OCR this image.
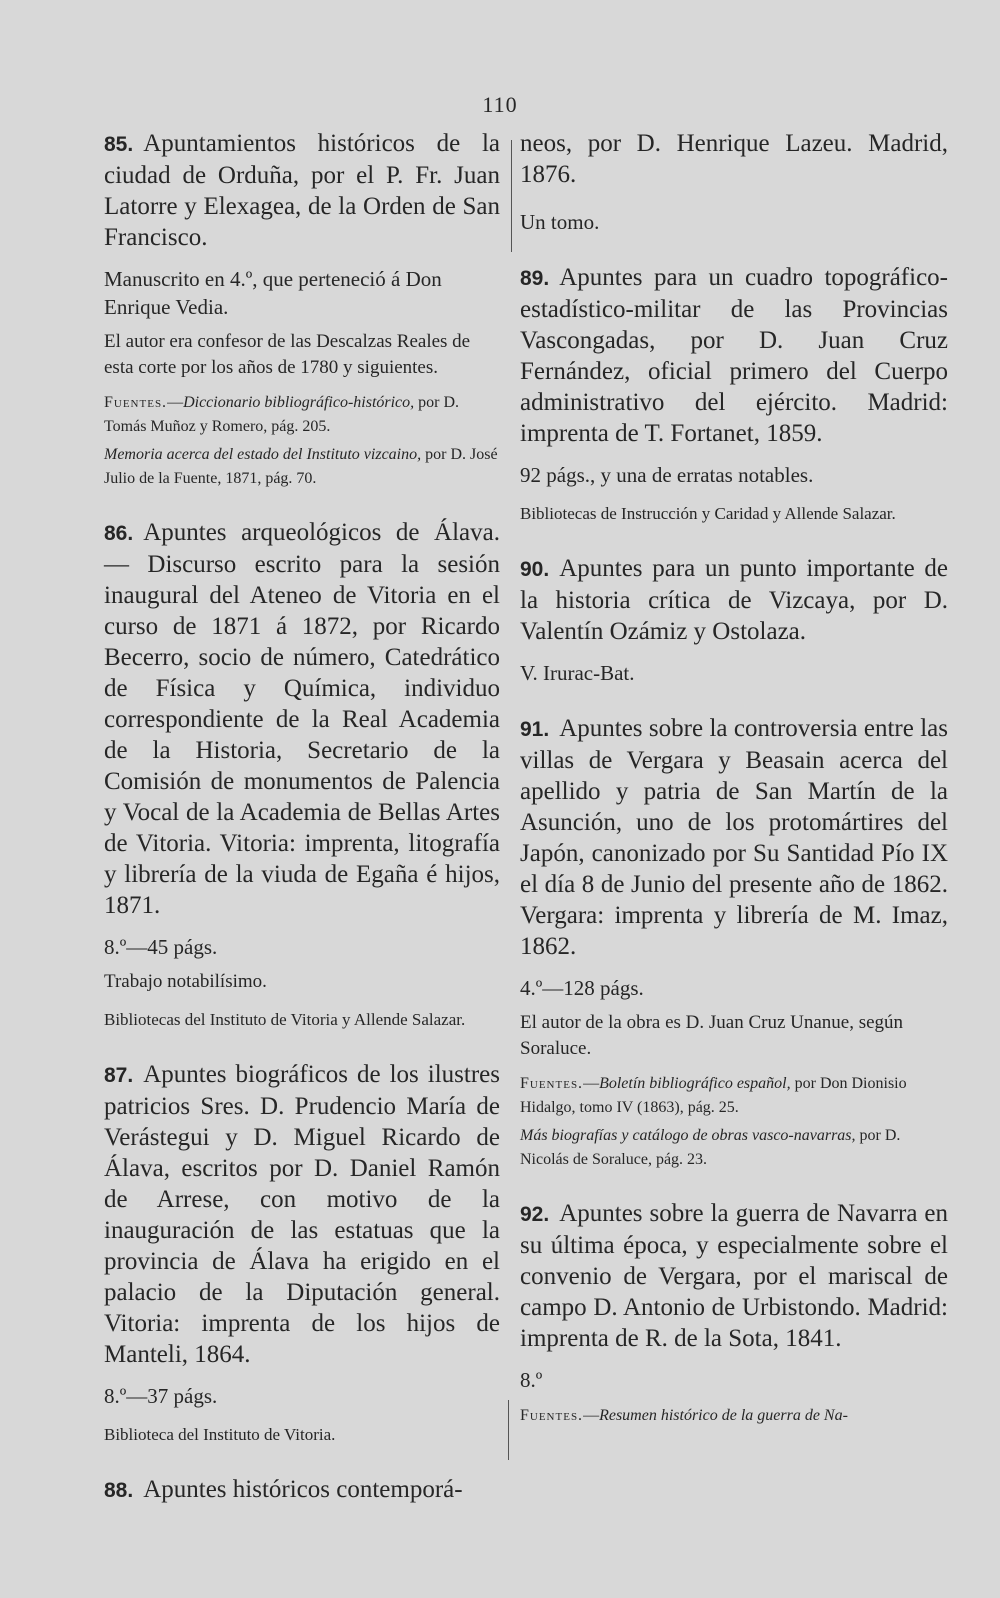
110

85. Apuntamientos históricos de la ciudad de Orduña, por el P. Fr. Juan Latorre y Elexagea, de la Orden de San Francisco.

Manuscrito en 4.º, que perteneció á Don Enrique Vedia.

El autor era confesor de las Descalzas Reales de esta corte por los años de 1780 y siguientes.

Fuentes.—Diccionario bibliográfico-histórico, por D. Tomás Muñoz y Romero, pág. 205.

Memoria acerca del estado del Instituto vizcaino, por D. José Julio de la Fuente, 1871, pág. 70.

86. Apuntes arqueológicos de Álava. — Discurso escrito para la sesión inaugural del Ateneo de Vitoria en el curso de 1871 á 1872, por Ricardo Becerro, socio de número, Catedrático de Física y Química, individuo correspondiente de la Real Academia de la Historia, Secretario de la Comisión de monumentos de Palencia y Vocal de la Academia de Bellas Artes de Vitoria. Vitoria: imprenta, litografía y librería de la viuda de Egaña é hijos, 1871.

8.º—45 págs.

Trabajo notabilísimo.

Bibliotecas del Instituto de Vitoria y Allende Salazar.

87. Apuntes biográficos de los ilustres patricios Sres. D. Prudencio María de Verástegui y D. Miguel Ricardo de Álava, escritos por D. Daniel Ramón de Arrese, con motivo de la inauguración de las estatuas que la provincia de Álava ha erigido en el palacio de la Diputación general. Vitoria: imprenta de los hijos de Manteli, 1864.

8.º—37 págs.

Biblioteca del Instituto de Vitoria.

88. Apuntes históricos contemporá-

neos, por D. Henrique Lazeu. Madrid, 1876.

Un tomo.

89. Apuntes para un cuadro topográfico-estadístico-militar de las Provincias Vascongadas, por D. Juan Cruz Fernández, oficial primero del Cuerpo administrativo del ejército. Madrid: imprenta de T. Fortanet, 1859.

92 págs., y una de erratas notables.

Bibliotecas de Instrucción y Caridad y Allende Salazar.

90. Apuntes para un punto importante de la historia crítica de Vizcaya, por D. Valentín Ozámiz y Ostolaza.

V. Irurac-Bat.

91. Apuntes sobre la controversia entre las villas de Vergara y Beasain acerca del apellido y patria de San Martín de la Asunción, uno de los protomártires del Japón, canonizado por Su Santidad Pío IX el día 8 de Junio del presente año de 1862. Vergara: imprenta y librería de M. Imaz, 1862.

4.º—128 págs.

El autor de la obra es D. Juan Cruz Unanue, según Soraluce.

Fuentes.—Boletín bibliográfico español, por Don Dionisio Hidalgo, tomo IV (1863), pág. 25.

Más biografías y catálogo de obras vasco-navarras, por D. Nicolás de Soraluce, pág. 23.

92. Apuntes sobre la guerra de Navarra en su última época, y especialmente sobre el convenio de Vergara, por el mariscal de campo D. Antonio de Urbistondo. Madrid: imprenta de R. de la Sota, 1841.

8.º

Fuentes.—Resumen histórico de la guerra de Na-
